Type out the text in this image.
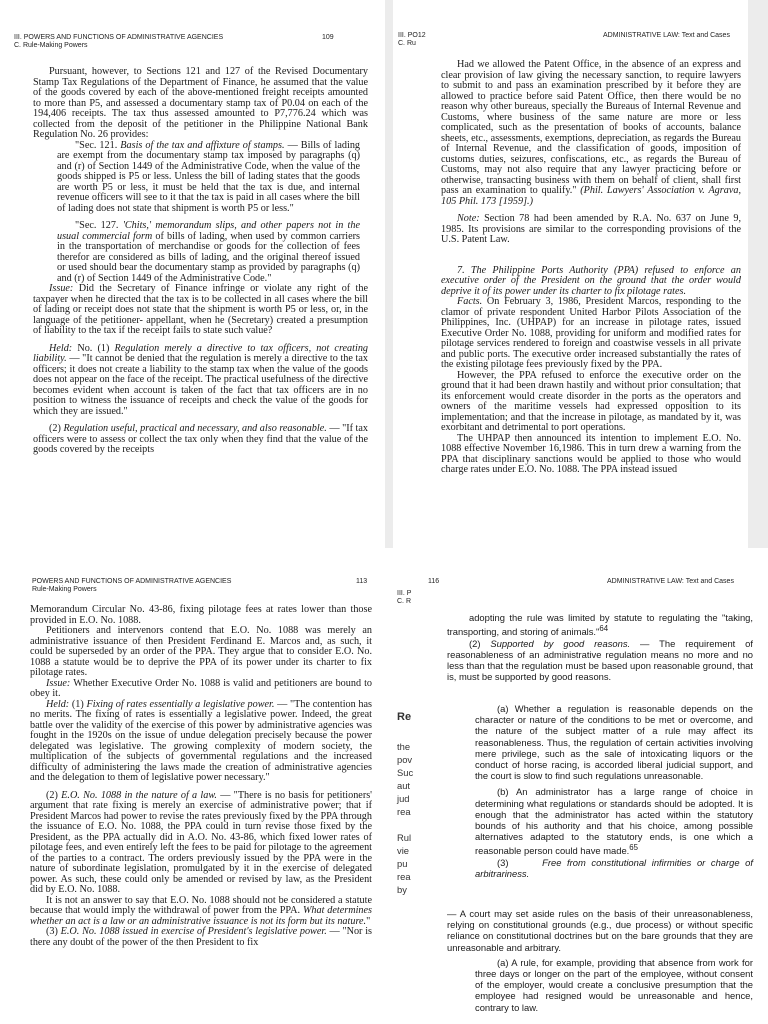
III. POWERS AND FUNCTIONS OF ADMINISTRATIVE AGENCIES
C. Rule-Making Powers
109

Pursuant, however, to Sections 121 and 127 of the Revised Documentary Stamp Tax Regulations of the Department of Finance, he assumed that the value of the goods covered by each of the above-mentioned freight receipts amounted to more than P5, and assessed a documentary stamp tax of P0.04 on each of the 194,406 receipts. The tax thus assessed amounted to P7,776.24 which was collected from the deposit of the petitioner in the Philippine National Bank Regulation No. 26 provides:

"Sec. 121. Basis of the tax and affixture of stamps. — Bills of lading are exempt from the documentary stamp tax imposed by paragraphs (q) and (r) of Section 1449 of the Administrative Code, when the value of the goods shipped is P5 or less. Unless the bill of lading states that the goods are worth P5 or less, it must be held that the tax is due, and internal revenue officers will see to it that the tax is paid in all cases where the bill of lading does not state that shipment is worth P5 or less."

"Sec. 127. 'Chits,' memorandum slips, and other papers not in the usual commercial form of bills of lading, when used by common carriers in the transportation of merchandise or goods for the collection of fees therefor are considered as bills of lading, and the original thereof issued or used should bear the documentary stamp as provided by paragraphs (q) and (r) of Section 1449 of the Administrative Code."

Issue: Did the Secretary of Finance infringe or violate any right of the taxpayer when he directed that the tax is to be collected in all cases where the bill of lading or receipt does not state that the shipment is worth P5 or less, or, in the language of the petitioner- appellant, when he (Secretary) created a presumption of liability to the tax if the receipt fails to state such value?

Held: No. (1) Regulation merely a directive to tax officers, not creating liability. — "It cannot be denied that the regulation is merely a directive to the tax officers; it does not create a liability to the stamp tax when the value of the goods does not appear on the face of the receipt. The practical usefulness of the directive becomes evident when account is taken of the fact that tax officers are in no position to witness the issuance of receipts and check the value of the goods for which they are issued."

(2) Regulation useful, practical and necessary, and also reasonable. — "If tax officers were to assess or collect the tax only when they find that the value of the goods covered by the receipts

III. PO12
C. Ru
ADMINISTRATIVE LAW: Text and Cases

Had we allowed the Patent Office, in the absence of an express and clear provision of law giving the necessary sanction, to require lawyers to submit to and pass an examination prescribed by it before they are allowed to practice before said Patent Office, then there would be no reason why other bureaus, specially the Bureaus of Internal Revenue and Customs, where business of the same nature are more or less complicated, such as the presentation of books of accounts, balance sheets, etc., assessments, exemptions, depreciation, as regards the Bureau of Internal Revenue, and the classification of goods, imposition of customs duties, seizures, confiscations, etc., as regards the Bureau of Customs, may not also require that any lawyer practicing before or otherwise, transacting business with them on behalf of client, shall first pass an examination to qualify." (Phil. Lawyers' Association v. Agrava, 105 Phil. 173 [1959].)

Note: Section 78 had been amended by R.A. No. 637 on June 9, 1985. Its provisions are similar to the corresponding provisions of the U.S. Patent Law.

7. The Philippine Ports Authority (PPA) refused to enforce an executive order of the President on the ground that the order would deprive it of its power under its charter to fix pilotage rates.

Facts. On February 3, 1986, President Marcos, responding to the clamor of private respondent United Harbor Pilots Association of the Philippines, Inc. (UHPAP) for an increase in pilotage rates, issued Executive Order No. 1088, providing for uniform and modified rates for pilotage services rendered to foreign and coastwise vessels in all private and public ports. The executive order increased substantially the rates of the existing pilotage fees previously fixed by the PPA.

However, the PPA refused to enforce the executive order on the ground that it had been drawn hastily and without prior consultation; that its enforcement would create disorder in the ports as the operators and owners of the maritime vessels had expressed opposition to its implementation; and that the increase in pilotage, as mandated by it, was exorbitant and detrimental to port operations.

The UHPAP then announced its intention to implement E.O. No. 1088 effective November 16,1986. This in turn drew a warning from the PPA that disciplinary sanctions would be applied to those who would charge rates under E.O. No. 1088. The PPA instead issued

POWERS AND FUNCTIONS OF ADMINISTRATIVE AGENCIES
Rule-Making Powers
113

Memorandum Circular No. 43-86, fixing pilotage fees at rates lower than those provided in E.O. No. 1088.

Petitioners and intervenors contend that E.O. No. 1088 was merely an administrative issuance of then President Ferdinand E. Marcos and, as such, it could be superseded by an order of the PPA. They argue that to consider E.O. No. 1088 a statute would be to deprive the PPA of its power under its charter to fix pilotage rates.

Issue: Whether Executive Order No. 1088 is valid and petitioners are bound to obey it.

Held: (1) Fixing of rates essentially a legislative power. — "The contention has no merits. The fixing of rates is essentially a legislative power. Indeed, the great battle over the validity of the exercise of this power by administrative agencies was fought in the 1920s on the issue of undue delegation precisely because the power delegated was legislative. The growing complexity of modern society, the multiplication of the subjects of governmental regulations and the increased difficulty of administering the laws made the creation of administrative agencies and the delegation to them of legislative power necessary."

(2) E.O. No. 1088 in the nature of a law. — "There is no basis for petitioners' argument that rate fixing is merely an exercise of administrative power; that if President Marcos had power to revise the rates previously fixed by the PPA through the issuance of E.O. No. 1088, the PPA could in turn revise those fixed by the President, as the PPA actually did in A.O. No. 43-86, which fixed lower rates of pilotage fees, and even entirely left the fees to be paid for pilotage to the agreement of the parties to a contract. The orders previously issued by the PPA were in the nature of subordinate legislation, promulgated by it in the exercise of delegated power. As such, these could only be amended or revised by law, as the President did by E.O. No. 1088.

It is not an answer to say that E.O. No. 1088 should not be considered a statute because that would imply the withdrawal of power from the PPA. What determines whether an act is a law or an administrative issuance is not its form but its nature."

(3) E.O. No. 1088 issued in exercise of President's legislative power. — "Nor is there any doubt of the power of the then President to fix

116	ADMINISTRATIVE LAW: Text and Cases
III. P
C. R
Re
the
pov
Suc
aut
jud
rea
Rul
vie
pu
rea
by

adopting the rule was limited by statute to regulating the "taking, transporting, and storing of animals."$^{64}$

(2) Supported by good reasons. — The requirement of reasonableness of an administrative regulation means no more and no less than that the regulation must be based upon reasonable ground, that is, must be supported by good reasons.

(a) Whether a regulation is reasonable depends on the character or nature of the conditions to be met or overcome, and the nature of the subject matter of a rule may affect its reasonableness. Thus, the regulation of certain activities involving mere privilege, such as the sale of intoxicating liquors or the conduct of horse racing, is accorded liberal judicial support, and the court is slow to find such regulations unreasonable.

(b) An administrator has a large range of choice in determining what regulations or standards should be adopted. It is enough that the administrator has acted within the statutory bounds of his authority and that his choice, among possible alternatives adapted to the statutory ends, is one which a reasonable person could have made.$^{65}$

(3)	Free from constitutional infirmities or charge of arbitrariness.

— A court may set aside rules on the basis of their unreasonableness, relying on constitutional grounds (e.g., due process) or without specific reliance on constitutional doctrines but on the bare grounds that they are unreasonable and arbitrary.

(a) A rule, for example, providing that absence from work for three days or longer on the part of the employee, without consent of the employer, would create a conclusive presumption that the employee had resigned would be unreasonable and hence, contrary to law.
